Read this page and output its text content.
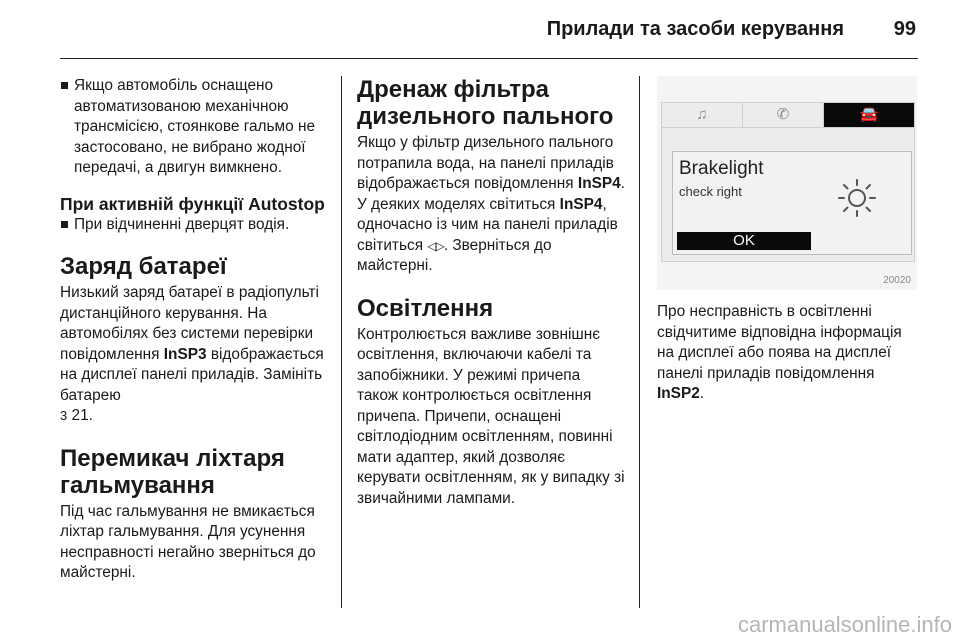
Прилади та засоби керування 99

Якщо автомобіль оснащено автоматизованою механічною трансмісією, стоянкове гальмо не застосовано, не вибрано жодної передачі, а двигун вимкнено.

При активній функції Autostop

При відчиненні дверцят водія.

Заряд батареї

Низький заряд батареї в радіопульті дистанційного керування. На автомобілях без системи перевірки повідомлення InSP3 відображається на дисплеї панелі приладів. Замініть батарею
3 21.

Перемикач ліхтаря гальмування

Під час гальмування не вмикається ліхтар гальмування. Для усунення несправності негайно зверніться до майстерні.

Дренаж фільтра дизельного пального

Якщо у фільтр дизельного пального потрапила вода, на панелі приладів відображається повідомлення InSP4. У деяких моделях світиться InSP4, одночасно із чим на панелі приладів світиться ◁▷. Зверніться до майстерні.

Освітлення

Контролюється важливе зовнішнє освітлення, включаючи кабелі та запобіжники. У режимі причепа також контролюється освітлення причепа. Причепи, оснащені світлодіодним освітленням, повинні мати адаптер, який дозволяє керувати освітленням, як у випадку зі звичайними лампами.

♫	✆	🚘
Brakelight
check right
OK
20020

Про несправність в освітленні свідчитиме відповідна інформація на дисплеї або поява на дисплеї панелі приладів повідомлення InSP2.

carmanualsonline.info
